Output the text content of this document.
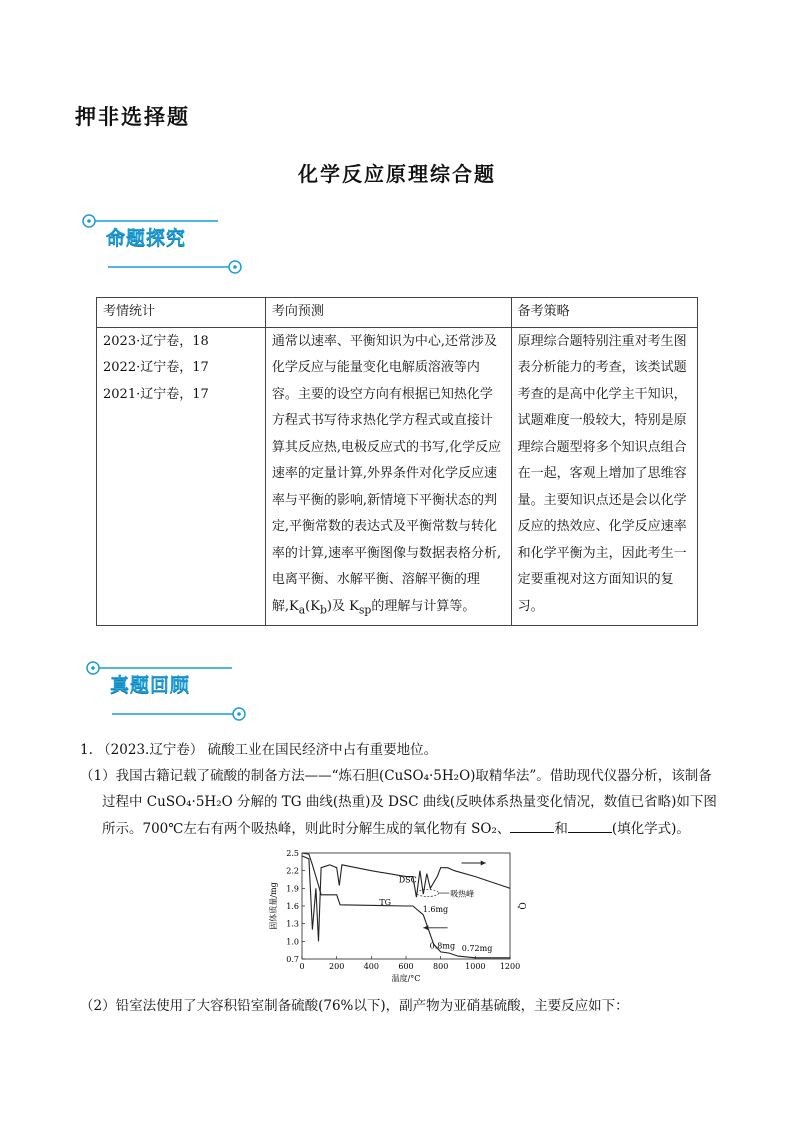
押非选择题
化学反应原理综合题
命题探究
考情统计	考向预测	备考策略

2023·辽宁卷，18
2022·辽宁卷，17
2021·辽宁卷，17	通常以速率、平衡知识为中心,还常涉及化学反应与能量变化电解质溶液等内容。主要的设空方向有根据已知热化学方程式书写待求热化学方程式或直接计算其反应热,电极反应式的书写,化学反应速率的定量计算,外界条件对化学反应速率与平衡的影响,新情境下平衡状态的判定,平衡常数的表达式及平衡常数与转化率的计算,速率平衡图像与数据表格分析,电离平衡、水解平衡、溶解平衡的理解$,K_a(K_b)$及 $K_{sp}$的理解与计算等。	原理综合题特别注重对考生图表分析能力的考查，该类试题考查的是高中化学主干知识，试题难度一般较大，特别是原理综合题型将多个知识点组合在一起，客观上增加了思维容量。主要知识点还是会以化学反应的热效应、化学反应速率和化学平衡为主，因此考生一定要重视对这方面知识的复习。
真题回顾
1. （2023.辽宁卷） 硫酸工业在国民经济中占有重要地位。
（1）我国古籍记载了硫酸的制备方法——“炼石胆(CuSO₄·5H₂O)取精华法”。借助现代仪器分析，该制备
过程中 CuSO₄·5H₂O 分解的 TG 曲线(热重)及 DSC 曲线(反映体系热量变化情况，数值已省略)如下图
所示。700℃左右有两个吸热峰，则此时分解生成的氧化物有 SO₂、	和	(填化学式)。
0	200 400 600 800 1000 1200
0.7
1.0
1.3
1.6
1.9
2.2
2.5
温度/°C
固体质量/mg	Q
DSC
TG
1.6mg
0.8mg 0.72mg
吸热峰
（2）铅室法使用了大容积铅室制备硫酸(76%以下)，副产物为亚硝基硫酸，主要反应如下：
